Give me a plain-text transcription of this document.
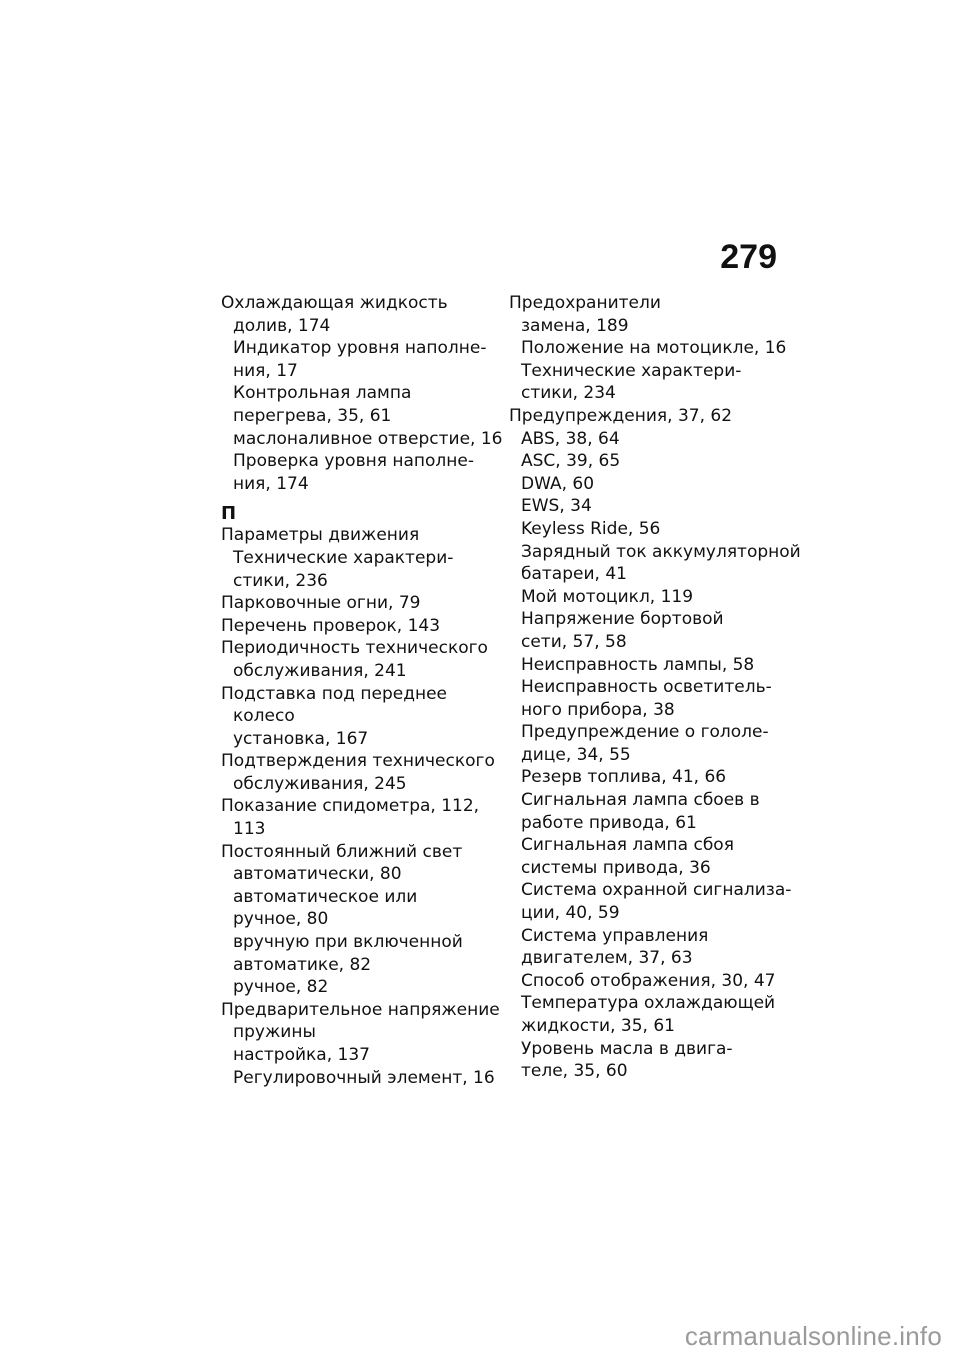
279

Охлаждающая жидкость

долив, 174

Индикатор уровня наполне-

ния, 17

Контрольная лампа

перегрева, 35, 61

маслоналивное отверстие, 16

Проверка уровня наполне-

ния, 174

П

Параметры движения

Технические характери-

стики, 236

Парковочные огни, 79

Перечень проверок, 143

Периодичность технического

обслуживания, 241

Подставка под переднее

колесо

установка, 167

Подтверждения технического

обслуживания, 245

Показание спидометра, 112,

113

Постоянный ближний свет

автоматически, 80

автоматическое или

ручное, 80

вручную при включенной

автоматике, 82

ручное, 82

Предварительное напряжение

пружины

настройка, 137

Регулировочный элемент, 16

Предохранители

замена, 189

Положение на мотоцикле, 16

Технические характери-

стики, 234

Предупреждения, 37, 62

ABS, 38, 64

ASC, 39, 65

DWA, 60

EWS, 34

Keyless Ride, 56

Зарядный ток аккумуляторной

батареи, 41

Мой мотоцикл, 119

Напряжение бортовой

сети, 57, 58

Неисправность лампы, 58

Неисправность осветитель-

ного прибора, 38

Предупреждение о гололе-

дице, 34, 55

Резерв топлива, 41, 66

Сигнальная лампа сбоев в

работе привода, 61

Сигнальная лампа сбоя

системы привода, 36

Система охранной сигнализа-

ции, 40, 59

Система управления

двигателем, 37, 63

Способ отображения, 30, 47

Температура охлаждающей

жидкости, 35, 61

Уровень масла в двига-

теле, 35, 60

carmanualsonline.info
